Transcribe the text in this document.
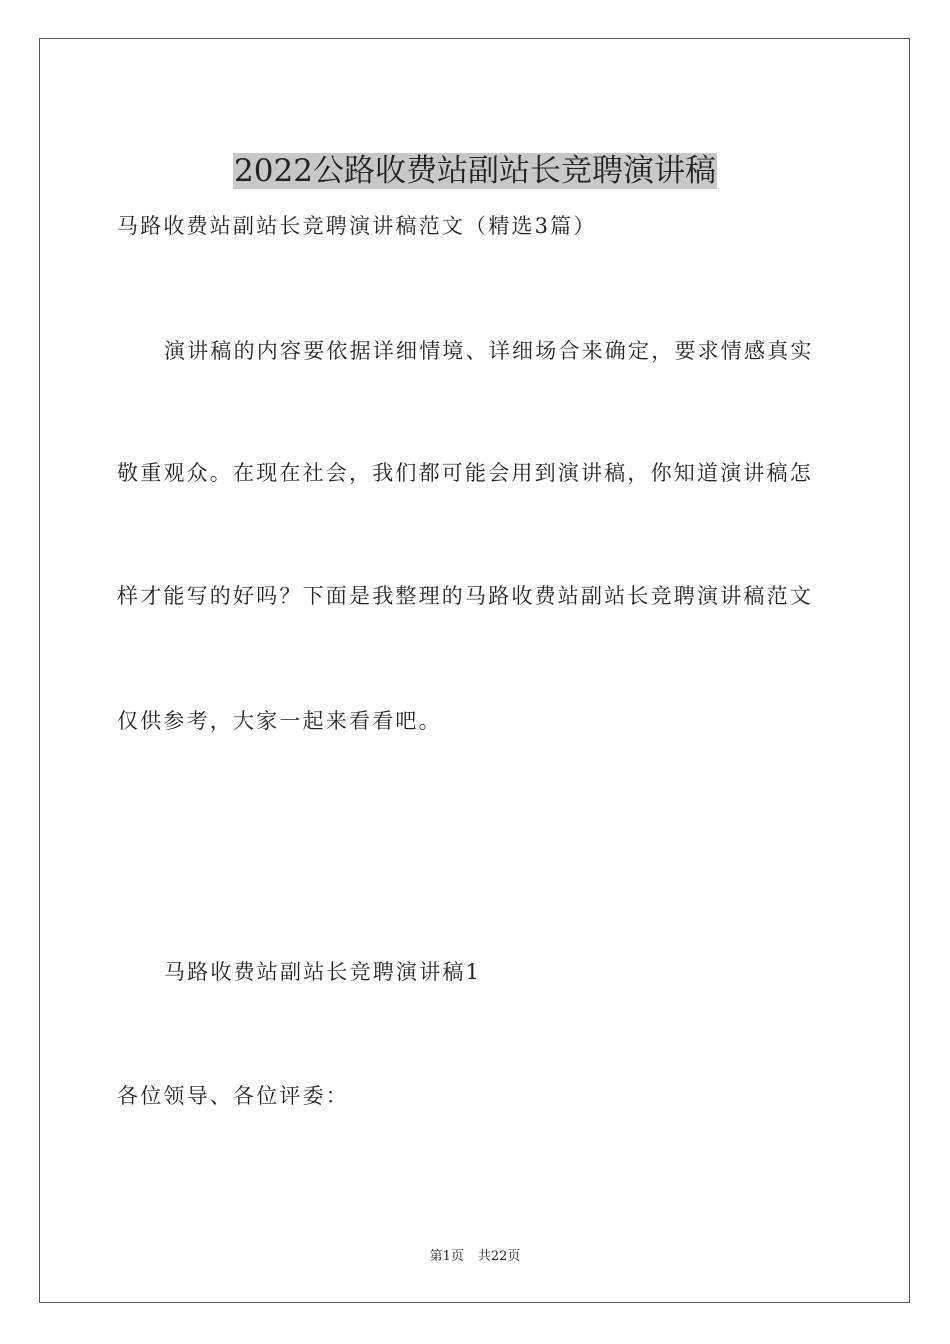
2022公路收费站副站长竞聘演讲稿
马路收费站副站长竞聘演讲稿范文（精选3篇）
演讲稿的内容要依据详细情境、详细场合来确定，要求情感真实
敬重观众。在现在社会，我们都可能会用到演讲稿，你知道演讲稿怎
样才能写的好吗？下面是我整理的马路收费站副站长竞聘演讲稿范文
仅供参考，大家一起来看看吧。
马路收费站副站长竞聘演讲稿1
各位领导、各位评委：
第1页 共22页
